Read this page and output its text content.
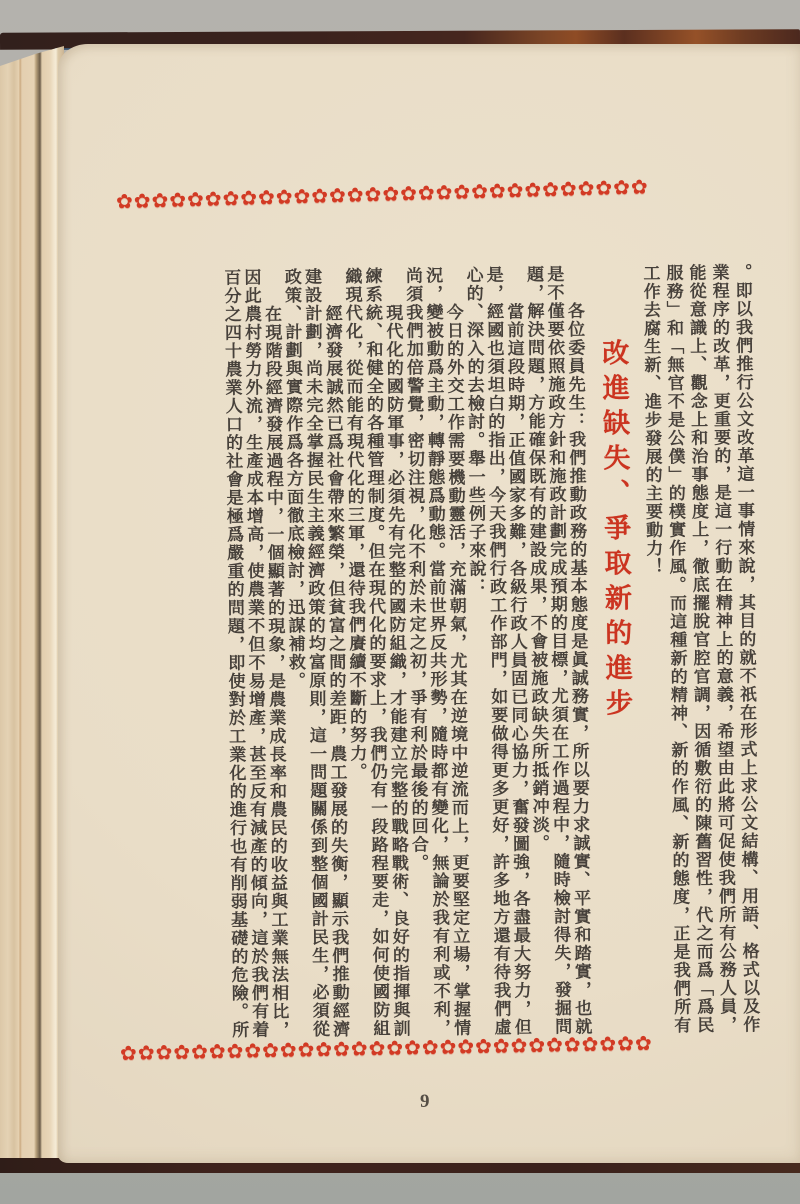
✿✿✿✿✿✿✿✿✿✿✿✿✿✿✿✿✿✿✿✿✿✿✿✿✿✿✿✿✿✿
。即以我們推行公文改革這一事情來說，其目的就不祇在形式上求公文結構、用語、格式以及作
業程序的改革，更重要的，是這一行動在精神上的意義，希望由此將可促使我們所有公務人員，
能從意識上、觀念上和治事態度上，徹底擺脫官腔官調，因循敷衍的陳舊習性，代之而爲「爲民
服務」和「無官不是公僕」的樸實作風。而這種新的精神、新的作風、新的態度，正是我們所有
工作去腐生新、進步發展的主要動力！
改進缺失、爭取新的進步
各位委員先生：我們推動政務的基本態度是眞誠務實，所以要力求誠實、平實和踏實，也就
是不僅要依照施政方針和施政計劃完成預期的目標，尤須在工作過程中，隨時檢討得失，發掘問
題，解決問題，方能確保既有的建設成果，不會被施政缺失所抵銷冲淡。
當前這段時期，正值國家多難，各級行政人員固已同心協力，奮發圖強，各盡最大努力，但
是，經國也須坦白的指出，今天我們行政工作部門，如要做得更多更好，許多地方還有待我們虛
心的、深入的去檢討。舉一些例子來說：
今日的外交工作需要機動靈活，充滿朝氣，尤其在逆境中逆流而上，更要堅定立場，掌握情
況，變被動爲主動，轉靜態爲動態。當前世界反共形勢，隨時都有變化，無論於我有利或不利，
尚須我們加倍警覺，密切注視，化不利於未定之初，爭有利於最後的回合。
現代化的國防軍事，必須先有完整的國防組織，才能建立完整的戰略戰術、良好的指揮與訓
練系統、和健全的各種管理制度。但在現代化的要求上，我們仍有一段路程要走，如何使國防組
織現代化，從而能有現代化的三軍，還待我們賡續不斷的努力。
經濟發展誠然已爲社會帶來繁榮，但貧富之間的差距，農工發展的失衡，顯示我們推動經濟
建設計劃，尚未完全掌握民生主義經濟政策的均富原則，這一問題關係到整個國計民生，必須從
政策、計劃與實際作爲各方面徹底檢討，迅謀補救。
在現階段經濟發展過程中，一個顯著的現象，是農業成長率和農民的收益與工業無法相比，
因此農村勞力外流，生產成本增高，使農業不但不易增產，甚至反有減產的傾向，這於我們有着
百分之四十農業人口的社會是極爲嚴重的問題，即使對於工業化的進行也有削弱基礎的危險。所
✿✿✿✿✿✿✿✿✿✿✿✿✿✿✿✿✿✿✿✿✿✿✿✿✿✿✿✿✿✿
9
